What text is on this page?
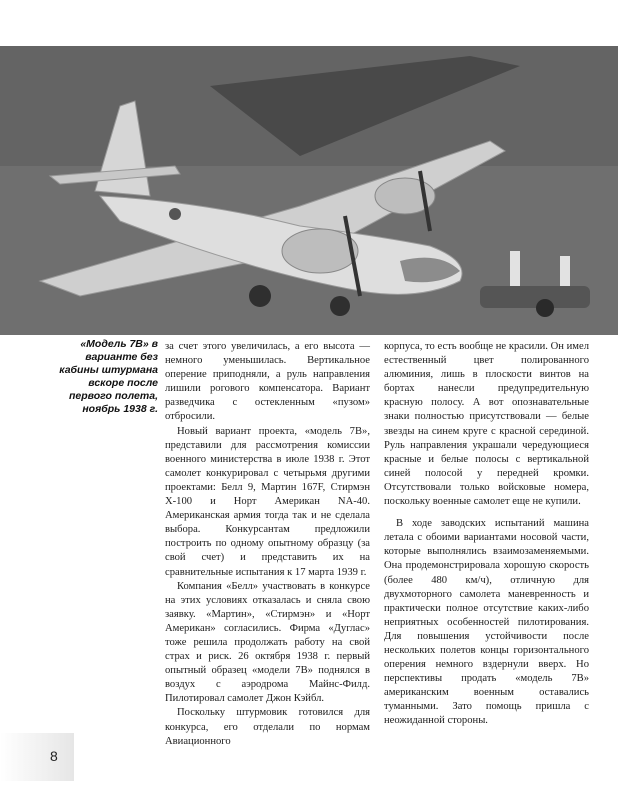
«Модель 7B» в варианте без кабины штурмана вскоре после первого полета, ноябрь 1938 г.

за счет этого увеличилась, а его высота — немного уменьшилась. Вертикальное оперение приподняли, а руль направления лишили рогового компенсатора. Вариант разведчика с остекленным «пузом» отбросили.

Новый вариант проекта, «модель 7B», представили для рассмотрения комиссии военного министерства в июле 1938 г. Этот самолет конкурировал с четырьмя другими проектами: Белл 9, Мартин 167F, Стирмэн Х-100 и Норт Американ NA-40. Американская армия тогда так и не сделала выбора. Конкурсантам предложили построить по одному опытному образцу (за свой счет) и представить их на сравнительные испытания к 17 марта 1939 г.

Компания «Белл» участвовать в конкурсе на этих условиях отказалась и сняла свою заявку. «Мартин», «Стирмэн» и «Норт Американ» согласились. Фирма «Дуглас» тоже решила продолжать работу на свой страх и риск. 26 октября 1938 г. первый опытный образец «модели 7B» поднялся в воздух с аэродрома Майнс-Филд. Пилотировал самолет Джон Кэйбл.

Поскольку штурмовик готовился для конкурса, его отделали по нормам Авиационного

корпуса, то есть вообще не красили. Он имел естественный цвет полированного алюминия, лишь в плоскости винтов на бортах нанесли предупредительную красную полосу. А вот опознавательные знаки полностью присутствовали — белые звезды на синем круге с красной серединой. Руль направления украшали чередующиеся красные и белые полосы с вертикальной синей полосой у передней кромки. Отсутствовали только войсковые номера, поскольку военные самолет еще не купили.

В ходе заводских испытаний машина летала с обоими вариантами носовой части, которые выполнялись взаимозаменяемыми. Она продемонстрировала хорошую скорость (более 480 км/ч), отличную для двухмоторного самолета маневренность и практически полное отсутствие каких-либо неприятных особенностей пилотирования. Для повышения устойчивости после нескольких полетов концы горизонтального оперения немного вздернули вверх. Но перспективы продать «модель 7B» американским военным оставались туманными. Зато помощь пришла с неожиданной стороны.

8
